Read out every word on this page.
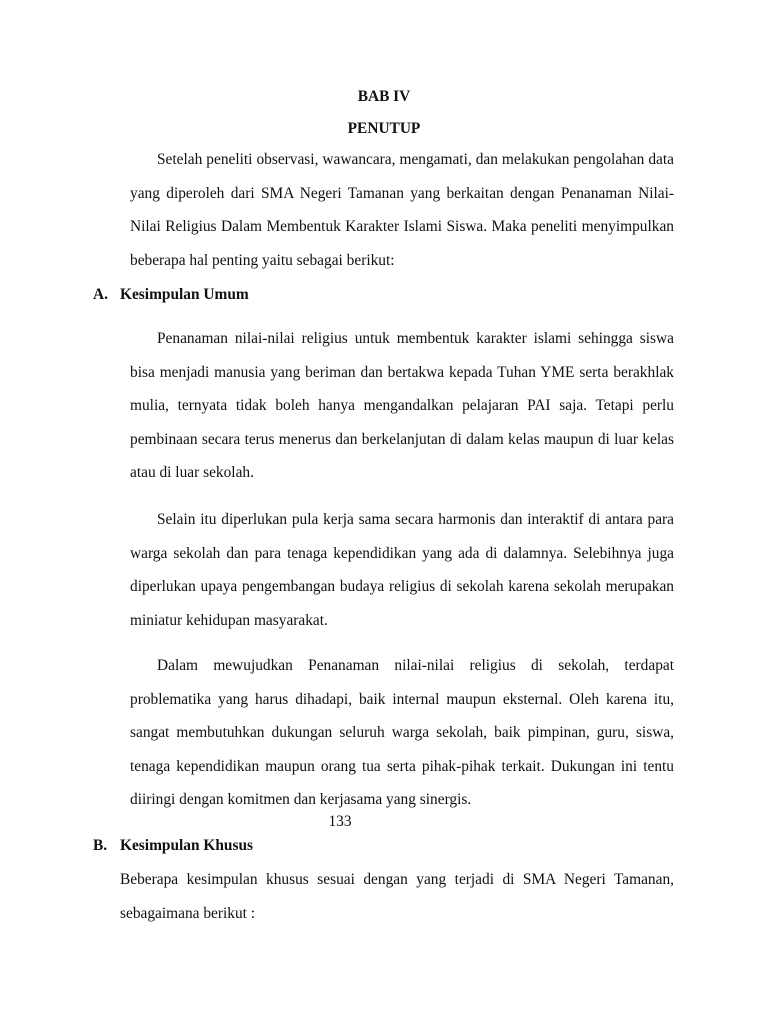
BAB IV
PENUTUP

Setelah peneliti observasi, wawancara, mengamati, dan melakukan pengolahan data yang diperoleh dari SMA Negeri Tamanan yang berkaitan dengan Penanaman Nilai-Nilai Religius Dalam Membentuk Karakter Islami Siswa. Maka peneliti menyimpulkan beberapa hal penting yaitu sebagai berikut:

A. Kesimpulan Umum

Penanaman nilai-nilai religius untuk membentuk karakter islami sehingga siswa bisa menjadi manusia yang beriman dan bertakwa kepada Tuhan YME serta berakhlak mulia, ternyata tidak boleh hanya mengandalkan pelajaran PAI saja. Tetapi perlu pembinaan secara terus menerus dan berkelanjutan di dalam kelas maupun di luar kelas atau di luar sekolah.

Selain itu diperlukan pula kerja sama secara harmonis dan interaktif di antara para warga sekolah dan para tenaga kependidikan yang ada di dalamnya. Selebihnya juga diperlukan upaya pengembangan budaya religius di sekolah karena sekolah merupakan miniatur kehidupan masyarakat.

Dalam mewujudkan Penanaman nilai-nilai religius di sekolah, terdapat problematika yang harus dihadapi, baik internal maupun eksternal. Oleh karena itu, sangat membutuhkan dukungan seluruh warga sekolah, baik pimpinan, guru, siswa, tenaga kependidikan maupun orang tua serta pihak-pihak terkait. Dukungan ini tentu diiringi dengan komitmen dan kerjasama yang sinergis.

133
B. Kesimpulan Khusus

Beberapa kesimpulan khusus sesuai dengan yang terjadi di SMA Negeri Tamanan, sebagaimana berikut :
